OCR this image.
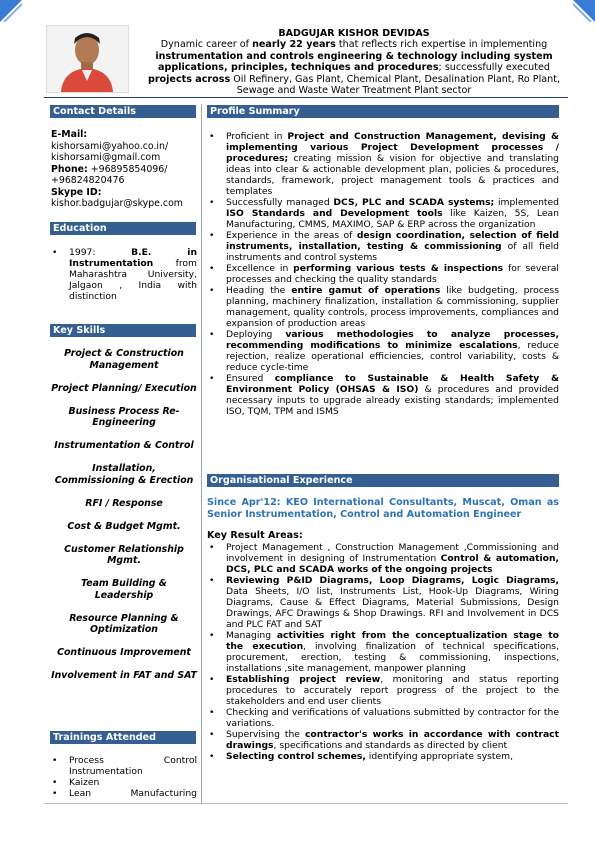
BADGUJAR KISHOR DEVIDAS
Dynamic career of nearly 22 years that reflects rich expertise in implementing instrumentation and controls engineering & technology including system applications, principles, techniques and procedures; successfully executed projects across Oil Refinery, Gas Plant, Chemical Plant, Desalination Plant, Ro Plant, Sewage and Waste Water Treatment Plant sector
Contact Details
E-Mail:
kishorsami@yahoo.co.in/
kishorsami@gmail.com
Phone: +96895854096/
+96824820476
Skype ID:
kishor.badgujar@skype.com
Education
• 1997: B.E. in Instrumentation from Maharashtra University, Jalgaon , India with distinction
Key Skills
Project & Construction Management
Project Planning/ Execution
Business Process Re-Engineering
Instrumentation & Control
Installation, Commissioning & Erection
RFI / Response
Cost & Budget Mgmt.
Customer Relationship Mgmt.
Team Building & Leadership
Resource Planning & Optimization
Continuous Improvement
Involvement in FAT and SAT
Trainings Attended
• Process Control Instrumentation
• Kaizen
• Lean Manufacturing
Profile Summary
• Proficient in Project and Construction Management, devising & implementing various Project Development processes / procedures; creating mission & vision for objective and translating ideas into clear & actionable development plan, policies & procedures, standards, framework, project management tools & practices and templates
• Successfully managed DCS, PLC and SCADA systems; implemented ISO Standards and Development tools like Kaizen, 5S, Lean Manufacturing, CMMS, MAXIMO, SAP & ERP across the organization
• Experience in the areas of design coordination, selection of field instruments, installation, testing & commissioning of all field instruments and control systems
• Excellence in performing various tests & inspections for several processes and checking the quality standards
• Heading the entire gamut of operations like budgeting, process planning, machinery finalization, installation & commissioning, supplier management, quality controls, process improvements, compliances and expansion of production areas
• Deploying various methodologies to analyze processes, recommending modifications to minimize escalations, reduce rejection, realize operational efficiencies, control variability, costs & reduce cycle-time
• Ensured compliance to Sustainable & Health Safety & Environment Policy (OHSAS & ISO) & procedures and provided necessary inputs to upgrade already existing standards; implemented ISO, TQM, TPM and ISMS
Organisational Experience
Since Apr'12: KEO International Consultants, Muscat, Oman as Senior Instrumentation, Control and Automation Engineer
Key Result Areas:
• Project Management , Construction Management ,Commissioning and involvement in designing of Instrumentation Control & automation, DCS, PLC and SCADA works of the ongoing projects
• Reviewing P&ID Diagrams, Loop Diagrams, Logic Diagrams, Data Sheets, I/O list, Instruments List, Hook-Up Diagrams, Wiring Diagrams, Cause & Effect Diagrams, Material Submissions, Design Drawings, AFC Drawings & Shop Drawings. RFI and Involvement in DCS and PLC FAT and SAT
• Managing activities right from the conceptualization stage to the execution, involving finalization of technical specifications, procurement, erection, testing & commissioning, inspections, installations ,site management, manpower planning
• Establishing project review, monitoring and status reporting procedures to accurately report progress of the project to the stakeholders and end user clients
• Checking and verifications of valuations submitted by contractor for the variations.
• Supervising the contractor's works in accordance with contract drawings, specifications and standards as directed by client
• Selecting control schemes, identifying appropriate system,
